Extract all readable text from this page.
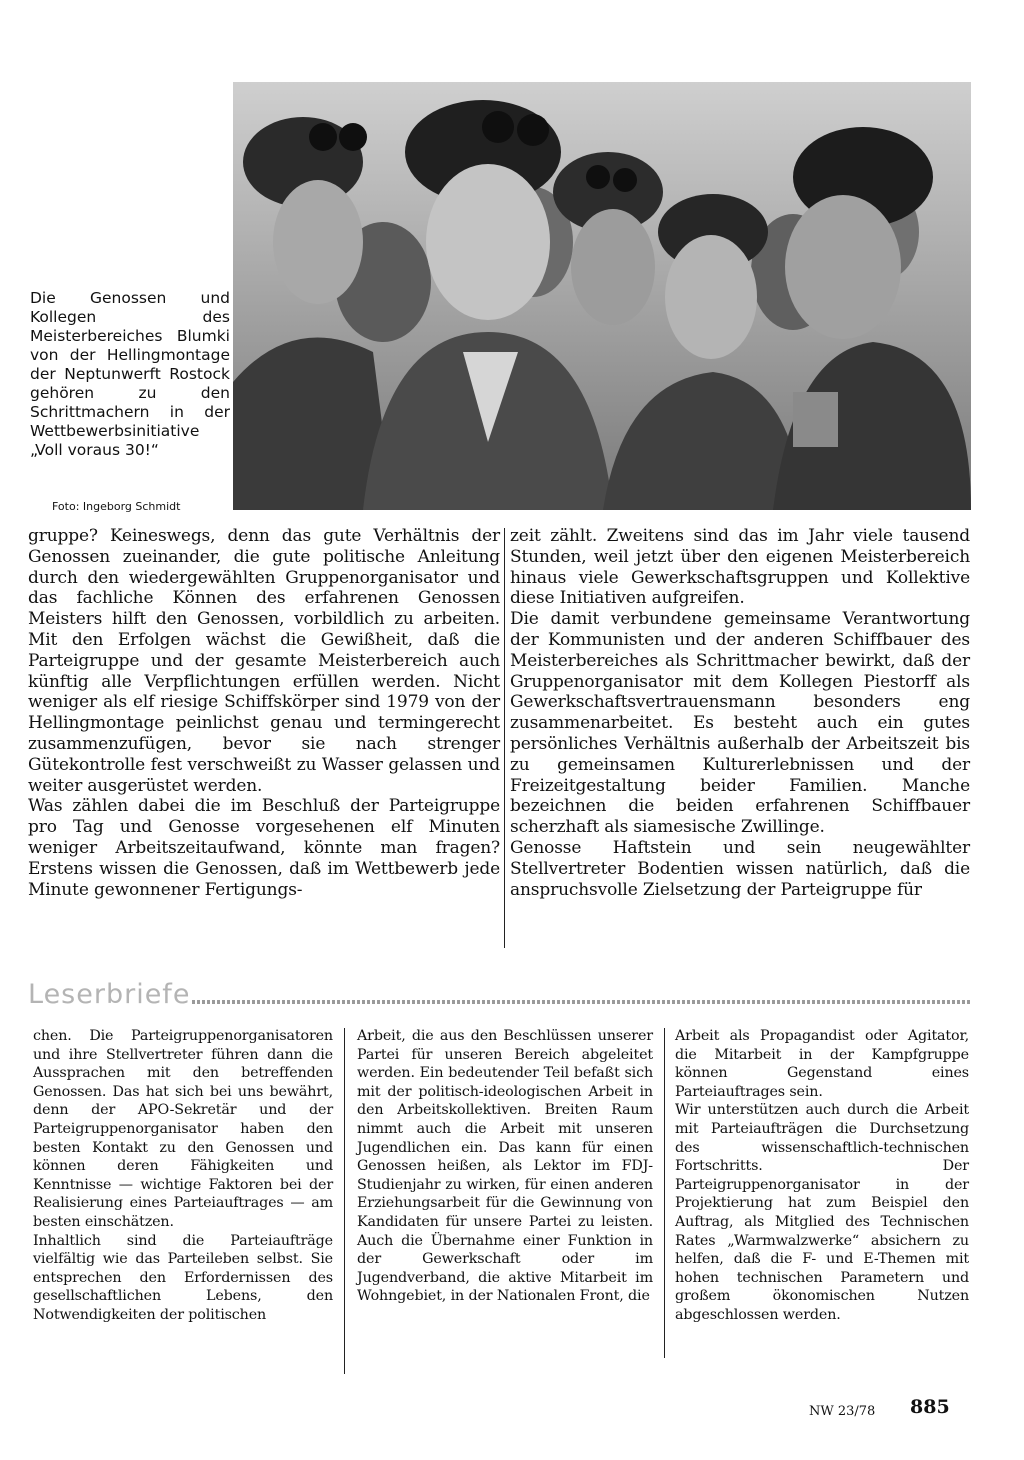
Die Genossen und Kollegen des Meisterbereiches Blumki von der Hellingmontage der Neptunwerft Rostock gehören zu den Schrittmachern in der Wettbewerbsinitiative „Voll voraus 30!“

Foto: Ingeborg Schmidt

gruppe? Keineswegs, denn das gute Verhältnis der Genossen zueinander, die gute politische Anleitung durch den wiedergewählten Gruppenorganisator und das fachliche Können des erfahrenen Genossen Meisters hilft den Genossen, vorbildlich zu arbeiten. Mit den Erfolgen wächst die Gewißheit, daß die Parteigruppe und der gesamte Meisterbereich auch künftig alle Verpflichtungen erfüllen werden. Nicht weniger als elf riesige Schiffskörper sind 1979 von der Hellingmontage peinlichst genau und termingerecht zusammenzufügen, bevor sie nach strenger Gütekontrolle fest verschweißt zu Wasser gelassen und weiter ausgerüstet werden.

Was zählen dabei die im Beschluß der Parteigruppe pro Tag und Genosse vorgesehenen elf Minuten weniger Arbeitszeitaufwand, könnte man fragen? Erstens wissen die Genossen, daß im Wettbewerb jede Minute gewonnener Fertigungs-

zeit zählt. Zweitens sind das im Jahr viele tausend Stunden, weil jetzt über den eigenen Meisterbereich hinaus viele Gewerkschaftsgruppen und Kollektive diese Initiativen aufgreifen.

Die damit verbundene gemeinsame Verantwortung der Kommunisten und der anderen Schiffbauer des Meisterbereiches als Schrittmacher bewirkt, daß der Gruppenorganisator mit dem Kollegen Piestorff als Gewerkschaftsvertrauensmann besonders eng zusammenarbeitet. Es besteht auch ein gutes persönliches Verhältnis außerhalb der Arbeitszeit bis zu gemeinsamen Kulturerlebnissen und der Freizeitgestaltung beider Familien. Manche bezeichnen die beiden erfahrenen Schiffbauer scherzhaft als siamesische Zwillinge.

Genosse Haftstein und sein neugewählter Stellvertreter Bodentien wissen natürlich, daß die anspruchsvolle Zielsetzung der Parteigruppe für

Leserbriefe

chen. Die Parteigruppenorganisatoren und ihre Stellvertreter führen dann die Aussprachen mit den betreffenden Genossen. Das hat sich bei uns bewährt, denn der APO-Sekretär und der Parteigruppenorganisator haben den besten Kontakt zu den Genossen und können deren Fähigkeiten und Kenntnisse — wichtige Faktoren bei der Realisierung eines Parteiauftrages — am besten einschätzen.

Inhaltlich sind die Parteiaufträge vielfältig wie das Parteileben selbst. Sie entsprechen den Erfordernissen des gesellschaftlichen Lebens, den Notwendigkeiten der politischen

Arbeit, die aus den Beschlüssen unserer Partei für unseren Bereich abgeleitet werden. Ein bedeutender Teil befaßt sich mit der politisch-ideologischen Arbeit in den Arbeitskollektiven. Breiten Raum nimmt auch die Arbeit mit unseren Jugendlichen ein. Das kann für einen Genossen heißen, als Lektor im FDJ-Studienjahr zu wirken, für einen anderen Erziehungsarbeit für die Gewinnung von Kandidaten für unsere Partei zu leisten. Auch die Übernahme einer Funktion in der Gewerkschaft oder im Jugendverband, die aktive Mitarbeit im Wohngebiet, in der Nationalen Front, die

Arbeit als Propagandist oder Agitator, die Mitarbeit in der Kampfgruppe können Gegenstand eines Parteiauftrages sein.

Wir unterstützen auch durch die Arbeit mit Parteiaufträgen die Durchsetzung des wissenschaftlich-technischen Fortschritts. Der Parteigruppenorganisator in der Projektierung hat zum Beispiel den Auftrag, als Mitglied des Technischen Rates „Warmwalzwerke“ absichern zu helfen, daß die F- und E-Themen mit hohen technischen Parametern und großem ökonomischen Nutzen abgeschlossen werden.

NW 23/78 885
